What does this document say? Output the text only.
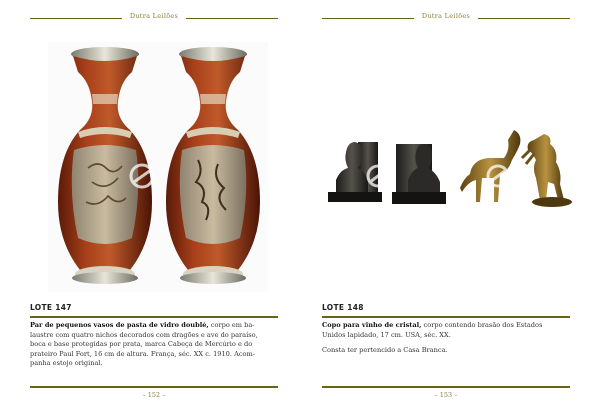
Dutra Leilões
LOTE 147
Par de pequenos vasos de pasta de vidro doublé, corpo em ba-
laustre com quatro nichos decorados com dragões e ave do paraíso,
boca e base protegidas por prata, marca Cabeça de Mercúrio e do
prateiro Paul Fort, 16 cm de altura. França, séc. XX c. 1910. Acom-
panha estojo original.
– 152 –
Dutra Leilões
LOTE 148
Copo para vinho de cristal, corpo contendo brasão dos Estados
Unidos lapidado, 17 cm. USA, séc. XX.
Consta ter pertencido a Casa Branca.
– 153 –
